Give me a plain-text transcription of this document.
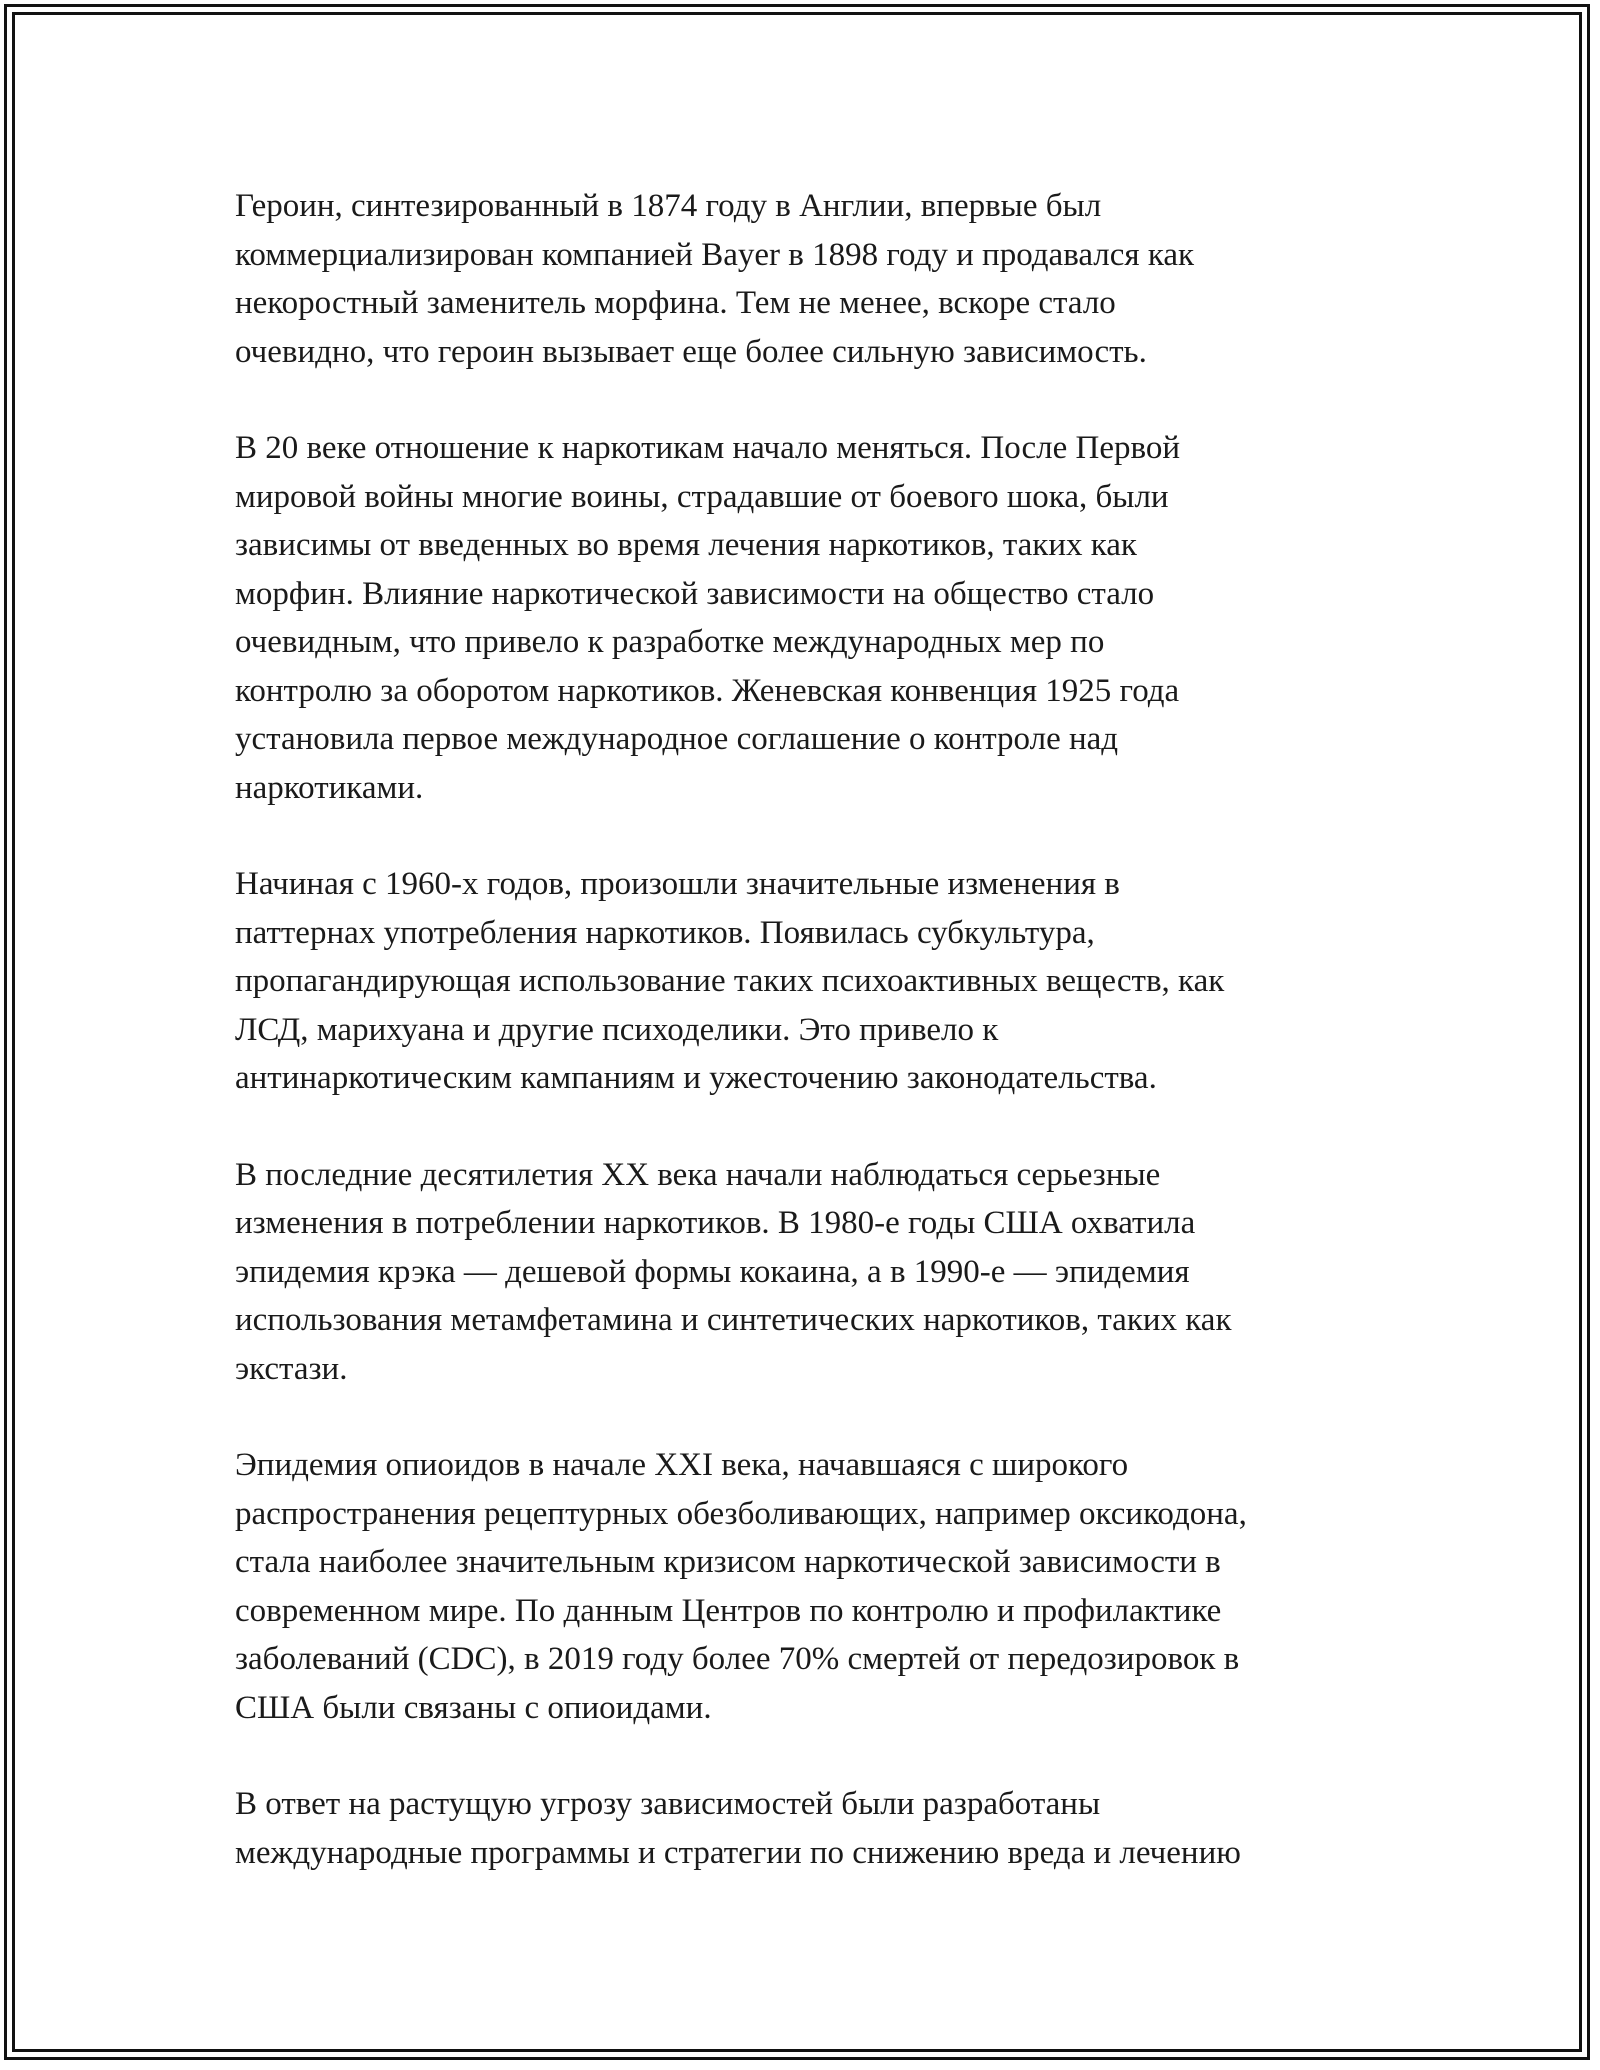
Героин, синтезированный в 1874 году в Англии, впервые был
коммерциализирован компанией Bayer в 1898 году и продавался как
некоростный заменитель морфина. Тем не менее, вскоре стало
очевидно, что героин вызывает еще более сильную зависимость.

В 20 веке отношение к наркотикам начало меняться. После Первой
мировой войны многие воины, страдавшие от боевого шока, были
зависимы от введенных во время лечения наркотиков, таких как
морфин. Влияние наркотической зависимости на общество стало
очевидным, что привело к разработке международных мер по
контролю за оборотом наркотиков. Женевская конвенция 1925 года
установила первое международное соглашение о контроле над
наркотиками.

Начиная с 1960-х годов, произошли значительные изменения в
паттернах употребления наркотиков. Появилась субкультура,
пропагандирующая использование таких психоактивных веществ, как
ЛСД, марихуана и другие психоделики. Это привело к
антинаркотическим кампаниям и ужесточению законодательства.

В последние десятилетия XX века начали наблюдаться серьезные
изменения в потреблении наркотиков. В 1980-е годы США охватила
эпидемия крэка — дешевой формы кокаина, а в 1990-е — эпидемия
использования метамфетамина и синтетических наркотиков, таких как
экстази.

Эпидемия опиоидов в начале XXI века, начавшаяся с широкого
распространения рецептурных обезболивающих, например оксикодона,
стала наиболее значительным кризисом наркотической зависимости в
современном мире. По данным Центров по контролю и профилактике
заболеваний (CDC), в 2019 году более 70% смертей от передозировок в
США были связаны с опиоидами.

В ответ на растущую угрозу зависимостей были разработаны
международные программы и стратегии по снижению вреда и лечению
